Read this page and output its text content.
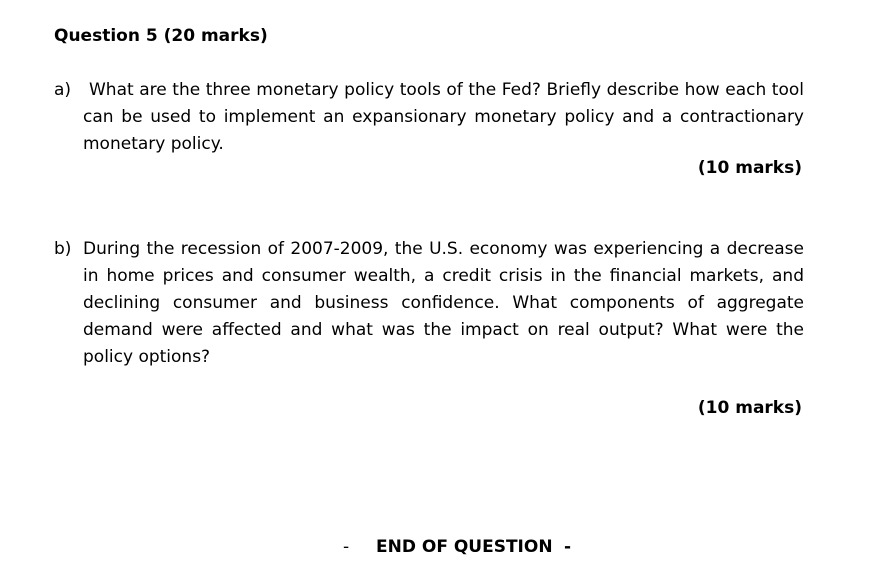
Question 5 (20 marks)
a)	What are the three monetary policy tools of the Fed? Briefly describe how each tool can be used to implement an expansionary monetary policy and a contractionary monetary policy.
(10 marks)
b) During the recession of 2007-2009, the U.S. economy was experiencing a decrease in home prices and consumer wealth, a credit crisis in the financial markets, and declining consumer and business confidence. What components of aggregate demand were affected and what was the impact on real output? What were the policy options?
(10 marks)
- END OF QUESTION -
